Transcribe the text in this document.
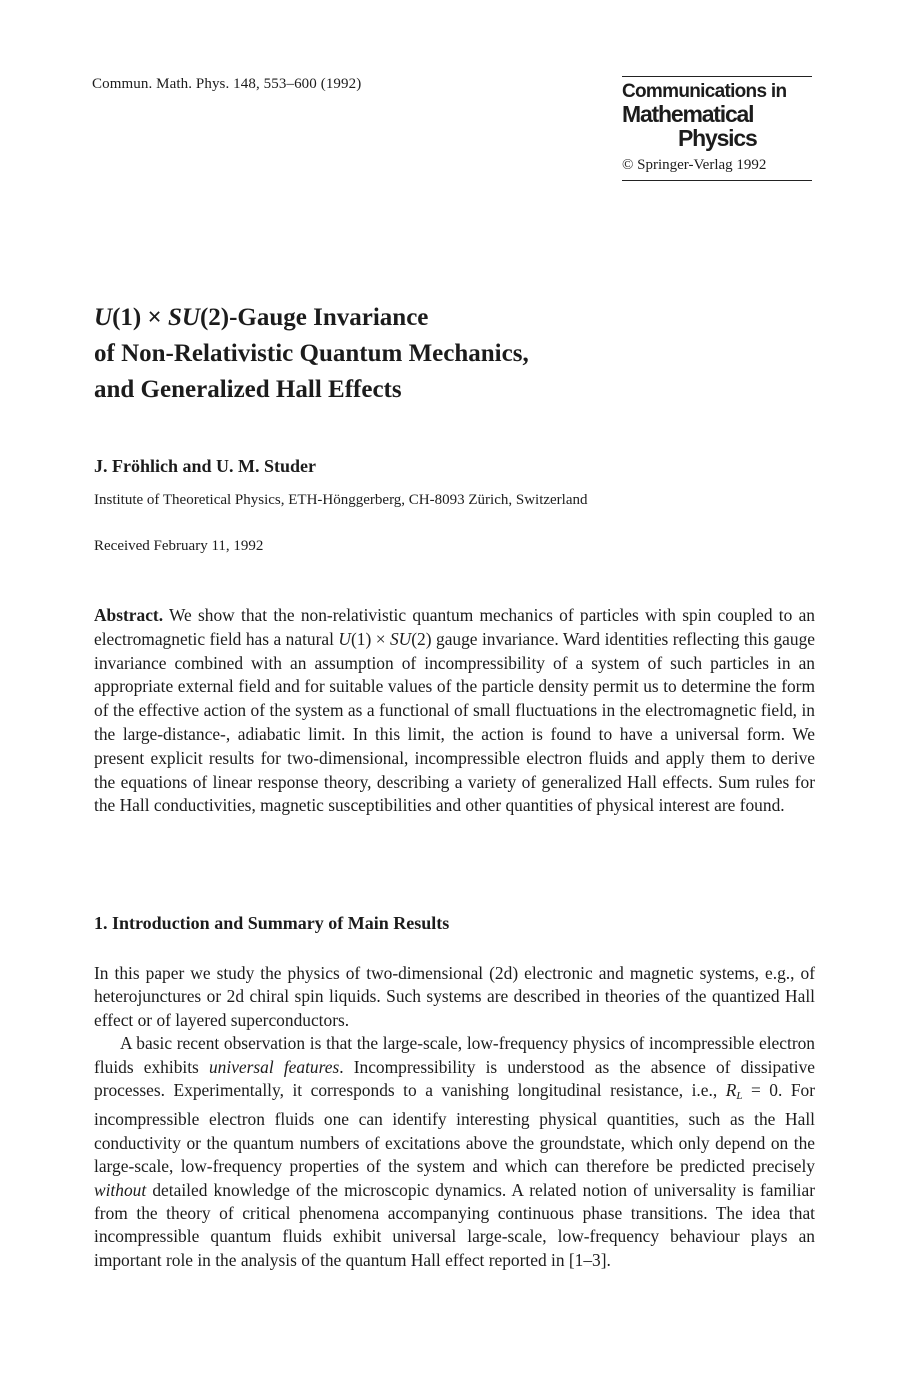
Commun. Math. Phys. 148, 553–600 (1992)	Communications in
Mathematical
Physics
© Springer-Verlag 1992
U(1) × SU(2)-Gauge Invariance
of Non-Relativistic Quantum Mechanics,
and Generalized Hall Effects
J. Fröhlich and U. M. Studer
Institute of Theoretical Physics, ETH-Hönggerberg, CH-8093 Zürich, Switzerland
Received February 11, 1992

Abstract. We show that the non-relativistic quantum mechanics of particles with spin coupled to an electromagnetic field has a natural U(1) × SU(2) gauge invariance. Ward identities reflecting this gauge invariance combined with an assumption of incompressibility of a system of such particles in an appropriate external field and for suitable values of the particle density permit us to determine the form of the effective action of the system as a functional of small fluctuations in the electromagnetic field, in the large-distance-, adiabatic limit. In this limit, the action is found to have a universal form. We present explicit results for two-dimensional, incompressible electron fluids and apply them to derive the equations of linear response theory, describing a variety of generalized Hall effects. Sum rules for the Hall conductivities, magnetic susceptibilities and other quantities of physical interest are found.

1. Introduction and Summary of Main Results

In this paper we study the physics of two-dimensional (2d) electronic and magnetic systems, e.g., of heterojunctures or 2d chiral spin liquids. Such systems are described in theories of the quantized Hall effect or of layered superconductors.

A basic recent observation is that the large-scale, low-frequency physics of incompressible electron fluids exhibits universal features. Incompressibility is understood as the absence of dissipative processes. Experimentally, it corresponds to a vanishing longitudinal resistance, i.e., $R_L = 0$. For incompressible electron fluids one can identify interesting physical quantities, such as the Hall conductivity or the quantum numbers of excitations above the groundstate, which only depend on the large-scale, low-frequency properties of the system and which can therefore be predicted precisely without detailed knowledge of the microscopic dynamics. A related notion of universality is familiar from the theory of critical phenomena accompanying continuous phase transitions. The idea that incompressible quantum fluids exhibit universal large-scale, low-frequency behaviour plays an important role in the analysis of the quantum Hall effect reported in [1–3].
